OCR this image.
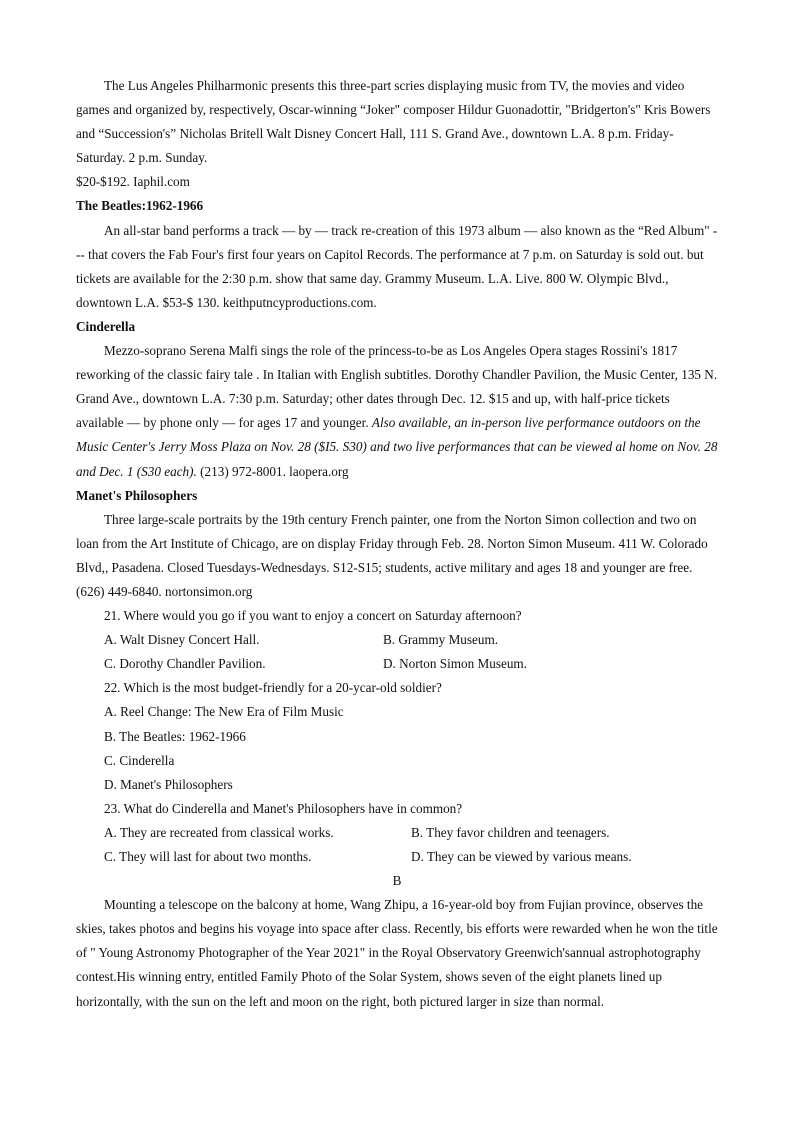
The Lus Angeles Philharmonic presents this three-part scries displaying music from TV, the movies and video games and organized by, respectively, Oscar-winning “Joker" composer Hildur Guonadottir, "Bridgerton's" Kris Bowers and “Succession's” Nicholas Britell Walt Disney Concert Hall, 111 S. Grand Ave., downtown L.A. 8 p.m. Friday-Saturday. 2 p.m. Sunday.

$20-$192. Iaphil.com

The Beatles:1962-1966

An all-star band performs a track — by — track re-creation of this 1973 album — also known as the “Red Album" --- that covers the Fab Four's first four years on Capitol Records. The performance at 7 p.m. on Saturday is sold out. but tickets are available for the 2:30 p.m. show that same day. Grammy Museum. L.A. Live. 800 W. Olympic Blvd., downtown L.A. $53-$ 130. keithputncyproductions.com.

Cinderella

Mezzo-soprano Serena Malfi sings the role of the princess-to-be as Los Angeles Opera stages Rossini's 1817 reworking of the classic fairy tale . In Italian with English subtitles. Dorothy Chandler Pavilion, the Music Center, 135 N. Grand Ave., downtown L.A. 7:30 p.m. Saturday; other dates through Dec. 12. $15 and up, with half-price tickets available — by phone only — for ages 17 and younger. Also available, an in-person live performance outdoors on the Music Center's Jerry Moss Plaza on Nov. 28 ($I5. S30) and two live performances that can be viewed al home on Nov. 28 and Dec. 1 (S30 each). (213) 972-8001. laopera.org

Manet's Philosophers

Three large-scale portraits by the 19th century French painter, one from the Norton Simon collection and two on loan from the Art Institute of Chicago, are on display Friday through Feb. 28. Norton Simon Museum. 411 W. Colorado Blvd,, Pasadena. Closed Tuesdays-Wednesdays. S12-S15; students, active military and ages 18 and younger are free. (626) 449-6840. nortonsimon.org

21. Where would you go if you want to enjoy a concert on Saturday afternoon?

A. Walt Disney Concert Hall.	B. Grammy Museum.
C. Dorothy Chandler Pavilion.	D. Norton Simon Museum.

22. Which is the most budget-friendly for a 20-ycar-old soldier?

A. Reel Change: The New Era of Film Music

B. The Beatles: 1962-1966

C. Cinderella

D. Manet's Philosophers

23. What do Cinderella and Manet's Philosophers have in common?

A. They are recreated from classical works.	B. They favor children and teenagers.
C. They will last for about two months.	D. They can be viewed by various means.

B

Mounting a telescope on the balcony at home, Wang Zhipu, a 16-year-old boy from Fujian province, observes the skies, takes photos and begins his voyage into space after class. Recently, bis efforts were rewarded when he won the title of " Young Astronomy Photographer of the Year 2021" in the Royal Observatory Greenwich'sannual astrophotography contest.His winning entry, entitled Family Photo of the Solar System, shows seven of the eight planets lined up horizontally, with the sun on the left and moon on the right, both pictured larger in size than normal.
